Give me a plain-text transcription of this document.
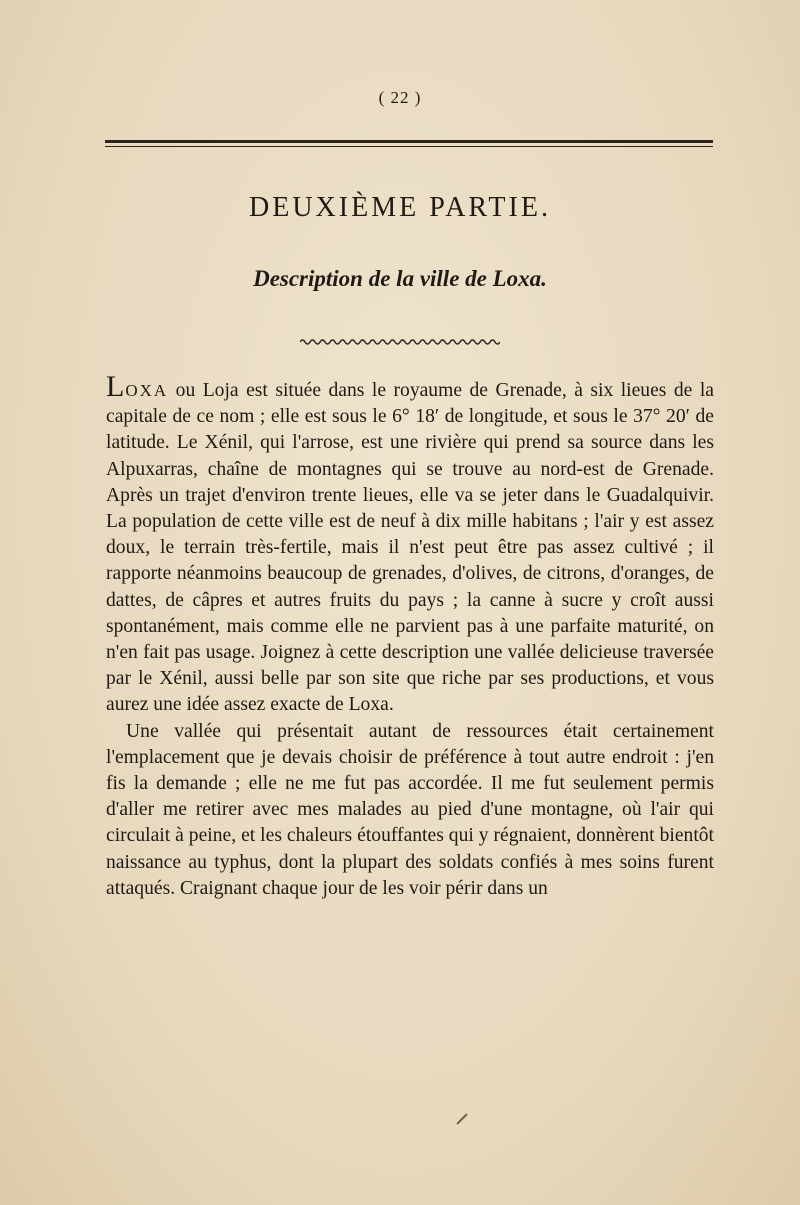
( 22 )
DEUXIÈME PARTIE.
Description de la ville de Loxa.

LOXA ou Loja est située dans le royaume de Grenade, à six lieues de la capitale de ce nom ; elle est sous le 6° 18′ de longitude, et sous le 37° 20′ de latitude. Le Xénil, qui l'arrose, est une rivière qui prend sa source dans les Alpuxarras, chaîne de montagnes qui se trouve au nord-est de Grenade. Après un trajet d'environ trente lieues, elle va se jeter dans le Guadalquivir. La population de cette ville est de neuf à dix mille habitans ; l'air y est assez doux, le terrain très-fertile, mais il n'est peut être pas assez cultivé ; il rapporte néanmoins beaucoup de grenades, d'olives, de citrons, d'oranges, de dattes, de câpres et autres fruits du pays ; la canne à sucre y croît aussi spontanément, mais comme elle ne parvient pas à une parfaite maturité, on n'en fait pas usage. Joignez à cette description une vallée delicieuse traversée par le Xénil, aussi belle par son site que riche par ses productions, et vous aurez une idée assez exacte de Loxa.

Une vallée qui présentait autant de ressources était certainement l'emplacement que je devais choisir de préférence à tout autre endroit : j'en fis la demande ; elle ne me fut pas accordée. Il me fut seulement permis d'aller me retirer avec mes malades au pied d'une montagne, où l'air qui circulait à peine, et les chaleurs étouffantes qui y régnaient, donnèrent bientôt naissance au typhus, dont la plupart des soldats confiés à mes soins furent attaqués. Craignant chaque jour de les voir périr dans un
